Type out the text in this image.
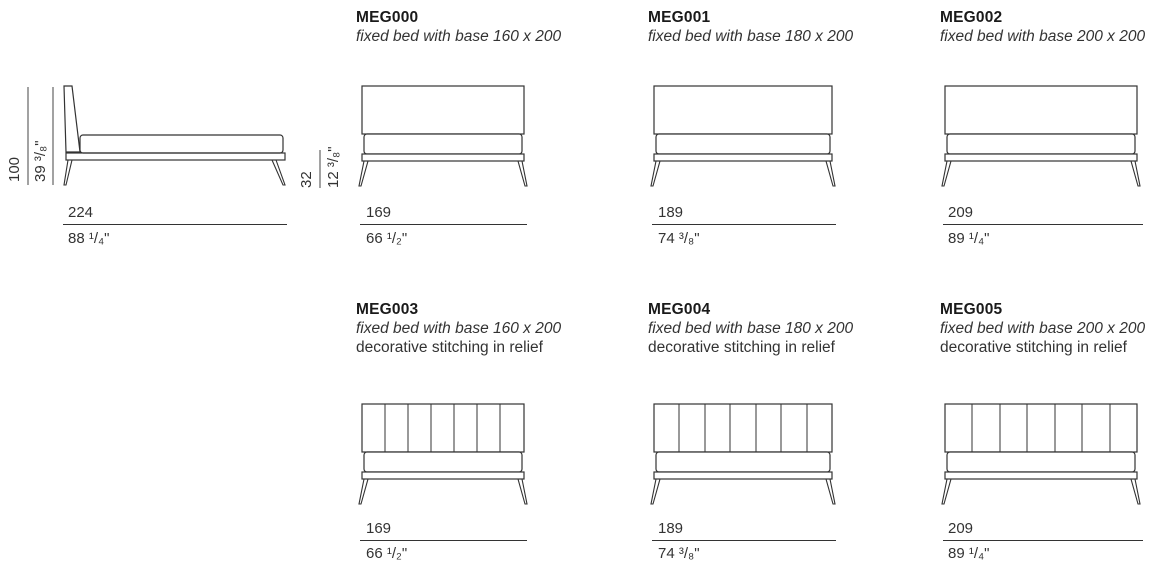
100 39 ³/₈"
224
88 ¹/₄"
32 12 ³/₈"
MEG000
fixed bed with base 160 x 200
169
66 ¹/₂"
MEG001
fixed bed with base 180 x 200
189
74 ³/₈"
MEG002
fixed bed with base 200 x 200
209
89 ¹/₄"
MEG003
fixed bed with base 160 x 200
decorative stitching in relief
169
66 ¹/₂"
MEG004
fixed bed with base 180 x 200
decorative stitching in relief
189
74 ³/₈"
MEG005
fixed bed with base 200 x 200
decorative stitching in relief
209
89 ¹/₄"
